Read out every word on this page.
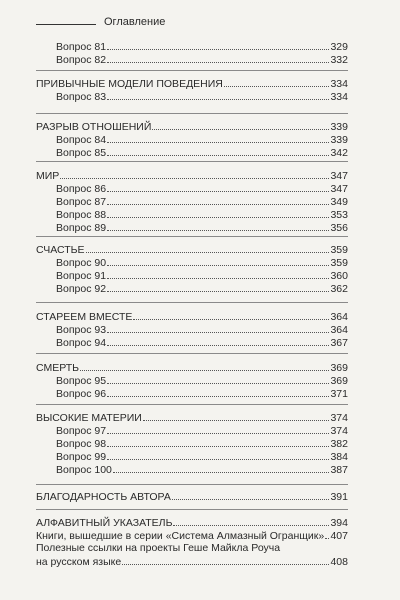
Оглавление
Вопрос 81	329
Вопрос 82	332
ПРИВЫЧНЫЕ МОДЕЛИ ПОВЕДЕНИЯ	334
Вопрос 83	334
РАЗРЫВ ОТНОШЕНИЙ	339
Вопрос 84	339
Вопрос 85	342
МИР	347
Вопрос 86	347
Вопрос 87	349
Вопрос 88	353
Вопрос 89	356
СЧАСТЬЕ	359
Вопрос 90	359
Вопрос 91	360
Вопрос 92	362
СТАРЕЕМ ВМЕСТЕ	364
Вопрос 93	364
Вопрос 94	367
СМЕРТЬ	369
Вопрос 95	369
Вопрос 96	371
ВЫСОКИЕ МАТЕРИИ	374
Вопрос 97	374
Вопрос 98	382
Вопрос 99	384
Вопрос 100	387
БЛАГОДАРНОСТЬ АВТОРА	391
АЛФАВИТНЫЙ УКАЗАТЕЛЬ	394
Книги, вышедшие в серии «Система Алмазный Огранщик» 407
Полезные ссылки на проекты Геше Майкла Роуча
на русском языке	408
